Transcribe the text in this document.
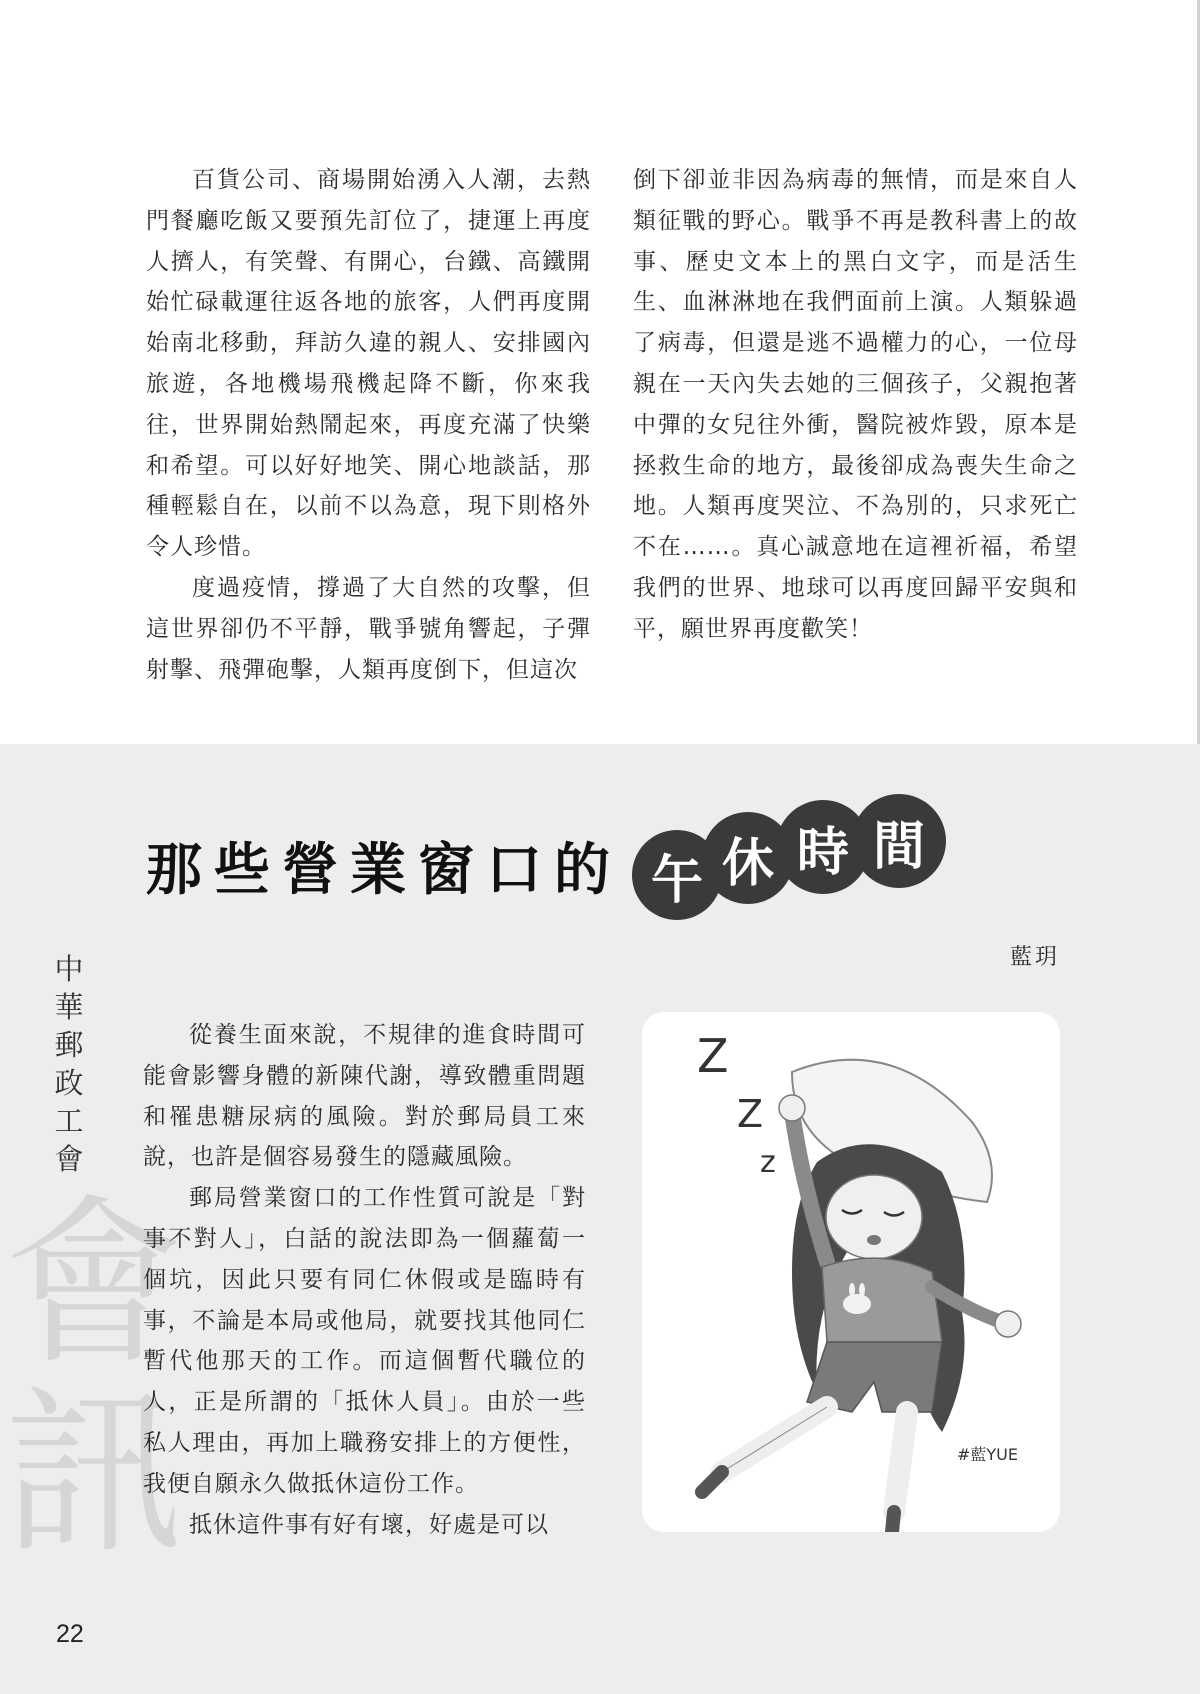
百貨公司、商場開始湧入人潮，去熱門餐廳吃飯又要預先訂位了，捷運上再度人擠人，有笑聲、有開心，台鐵、高鐵開始忙碌載運往返各地的旅客，人們再度開始南北移動，拜訪久違的親人、安排國內旅遊，各地機場飛機起降不斷，你來我往，世界開始熱鬧起來，再度充滿了快樂和希望。可以好好地笑、開心地談話，那種輕鬆自在，以前不以為意，現下則格外令人珍惜。

度過疫情，撐過了大自然的攻擊，但這世界卻仍不平靜，戰爭號角響起，子彈射擊、飛彈砲擊，人類再度倒下，但這次

倒下卻並非因為病毒的無情，而是來自人類征戰的野心。戰爭不再是教科書上的故事、歷史文本上的黑白文字，而是活生生、血淋淋地在我們面前上演。人類躲過了病毒，但還是逃不過權力的心，一位母親在一天內失去她的三個孩子，父親抱著中彈的女兒往外衝，醫院被炸毀，原本是拯救生命的地方，最後卻成為喪失生命之地。人類再度哭泣、不為別的，只求死亡不在……。真心誠意地在這裡祈福，希望我們的世界、地球可以再度回歸平安與和平，願世界再度歡笑！

會訊
中華郵政工會
那些營業窗口的 午 休 時 間

藍玥

從養生面來說，不規律的進食時間可能會影響身體的新陳代謝，導致體重問題和罹患糖尿病的風險。對於郵局員工來說，也許是個容易發生的隱藏風險。

郵局營業窗口的工作性質可說是「對事不對人」，白話的說法即為一個蘿蔔一個坑，因此只要有同仁休假或是臨時有事，不論是本局或他局，就要找其他同仁暫代他那天的工作。而這個暫代職位的人，正是所謂的「抵休人員」。由於一些私人理由，再加上職務安排上的方便性，我便自願永久做抵休這份工作。

抵休這件事有好有壞，好處是可以

Z
Z
z
#藍YUE

22
